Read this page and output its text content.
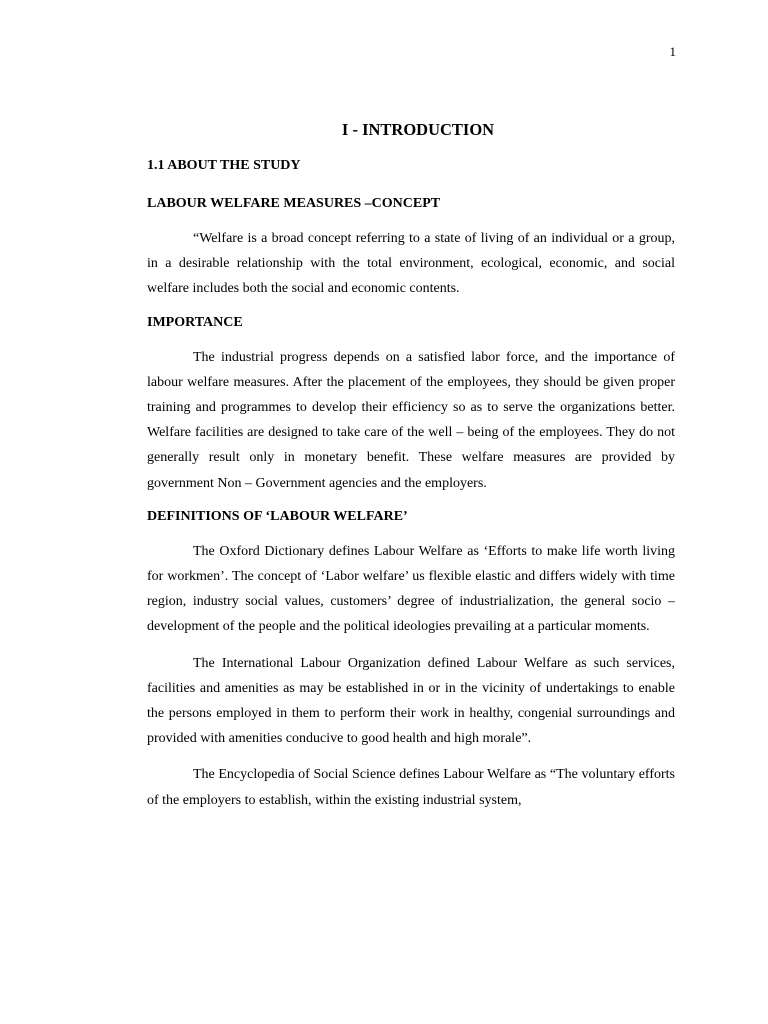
1
I - INTRODUCTION
1.1 ABOUT THE STUDY
LABOUR WELFARE MEASURES –CONCEPT

“Welfare is a broad concept referring to a state of living of an individual or a group, in a desirable relationship with the total environment, ecological, economic, and social welfare includes both the social and economic contents.

IMPORTANCE

The industrial progress depends on a satisfied labor force, and the importance of labour welfare measures. After the placement of the employees, they should be given proper training and programmes to develop their efficiency so as to serve the organizations better. Welfare facilities are designed to take care of the well – being of the employees. They do not generally result only in monetary benefit. These welfare measures are provided by government Non – Government agencies and the employers.

DEFINITIONS OF ‘LABOUR WELFARE’

The Oxford Dictionary defines Labour Welfare as ‘Efforts to make life worth living for workmen’. The concept of ‘Labor welfare’ us flexible elastic and differs widely with time region, industry social values, customers’ degree of industrialization, the general socio – development of the people and the political ideologies prevailing at a particular moments.

The International Labour Organization defined Labour Welfare as such services, facilities and amenities as may be established in or in the vicinity of undertakings to enable the persons employed in them to perform their work in healthy, congenial surroundings and provided with amenities conducive to good health and high morale”.

The Encyclopedia of Social Science defines Labour Welfare as “The voluntary efforts of the employers to establish, within the existing industrial system,
